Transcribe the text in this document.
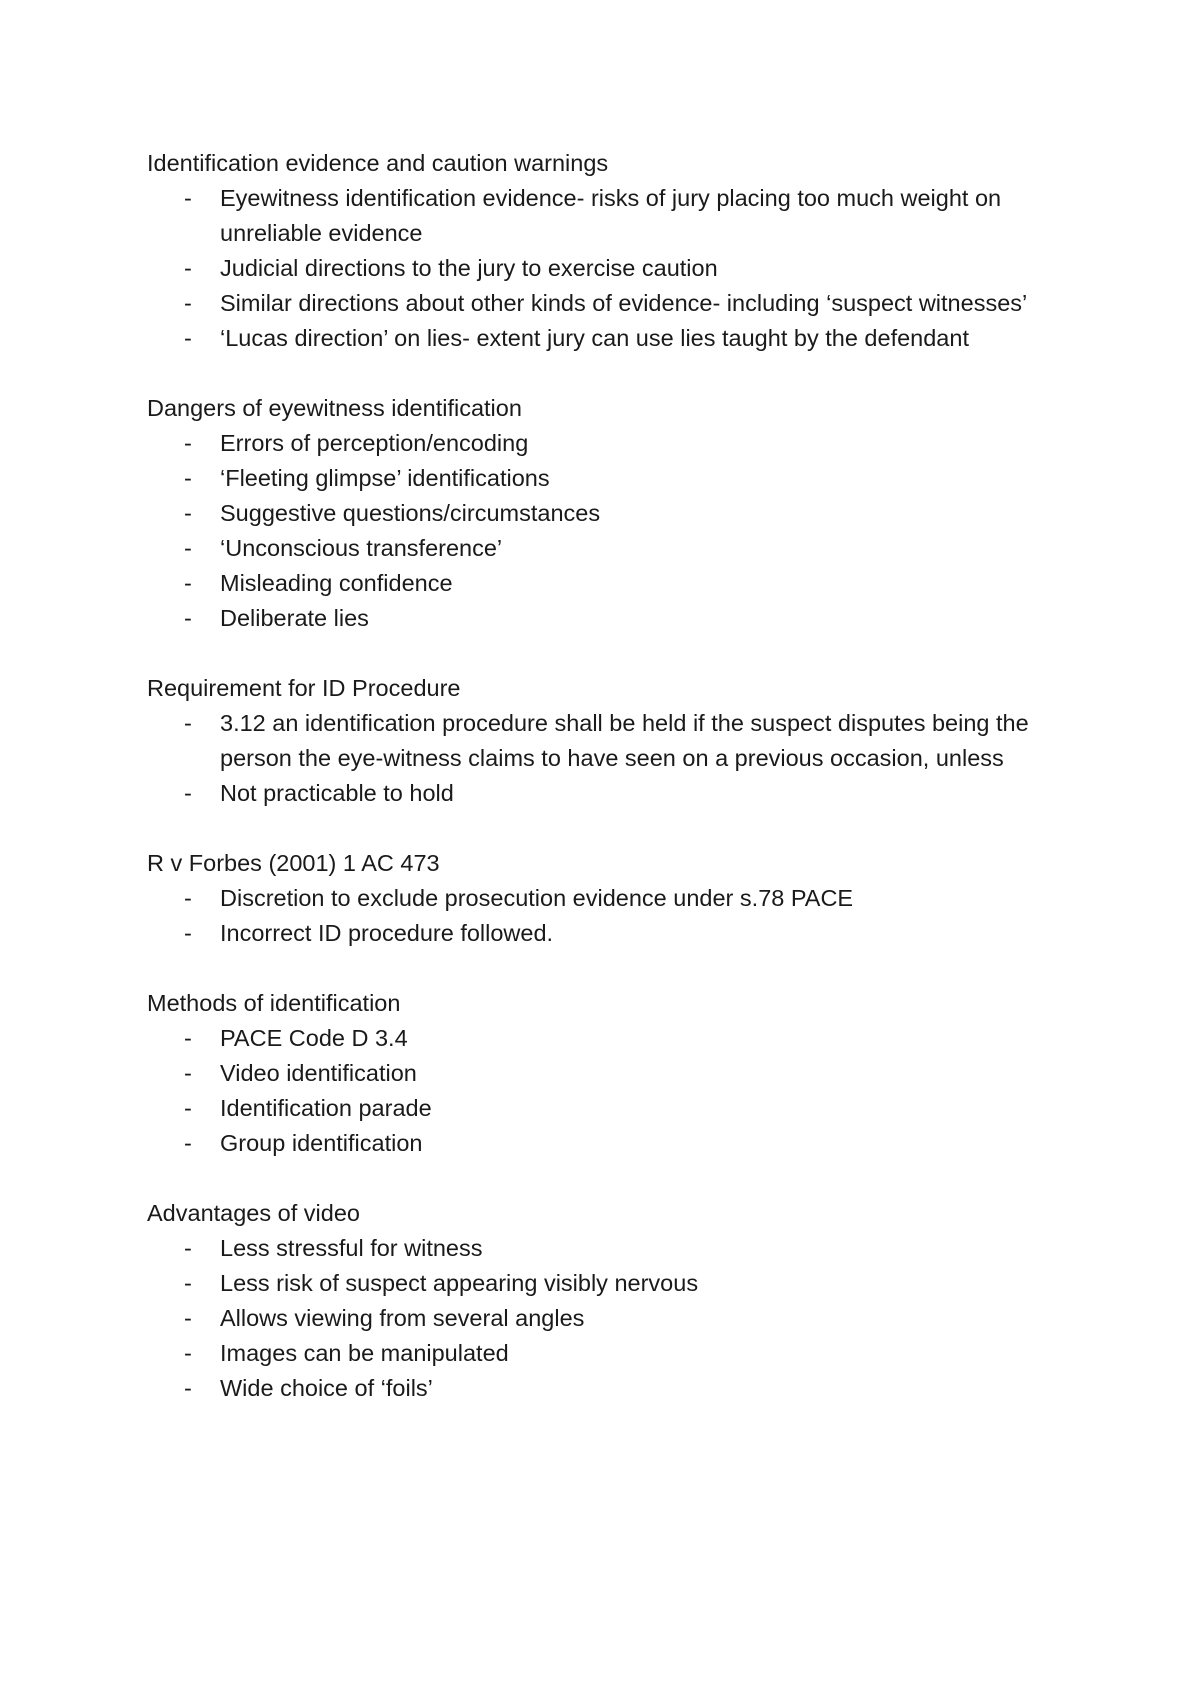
Identification evidence and caution warnings

- Eyewitness identification evidence- risks of jury placing too much weight on unreliable evidence
- Judicial directions to the jury to exercise caution
- Similar directions about other kinds of evidence- including ‘suspect witnesses’
- ‘Lucas direction’ on lies- extent jury can use lies taught by the defendant

Dangers of eyewitness identification

- Errors of perception/encoding
- ‘Fleeting glimpse’ identifications
- Suggestive questions/circumstances
- ‘Unconscious transference’
- Misleading confidence
- Deliberate lies

Requirement for ID Procedure

- 3.12 an identification procedure shall be held if the suspect disputes being the person the eye-witness claims to have seen on a previous occasion, unless
- Not practicable to hold

R v Forbes (2001) 1 AC 473

- Discretion to exclude prosecution evidence under s.78 PACE
- Incorrect ID procedure followed.

Methods of identification

- PACE Code D 3.4
- Video identification
- Identification parade
- Group identification

Advantages of video

- Less stressful for witness
- Less risk of suspect appearing visibly nervous
- Allows viewing from several angles
- Images can be manipulated
- Wide choice of ‘foils’
